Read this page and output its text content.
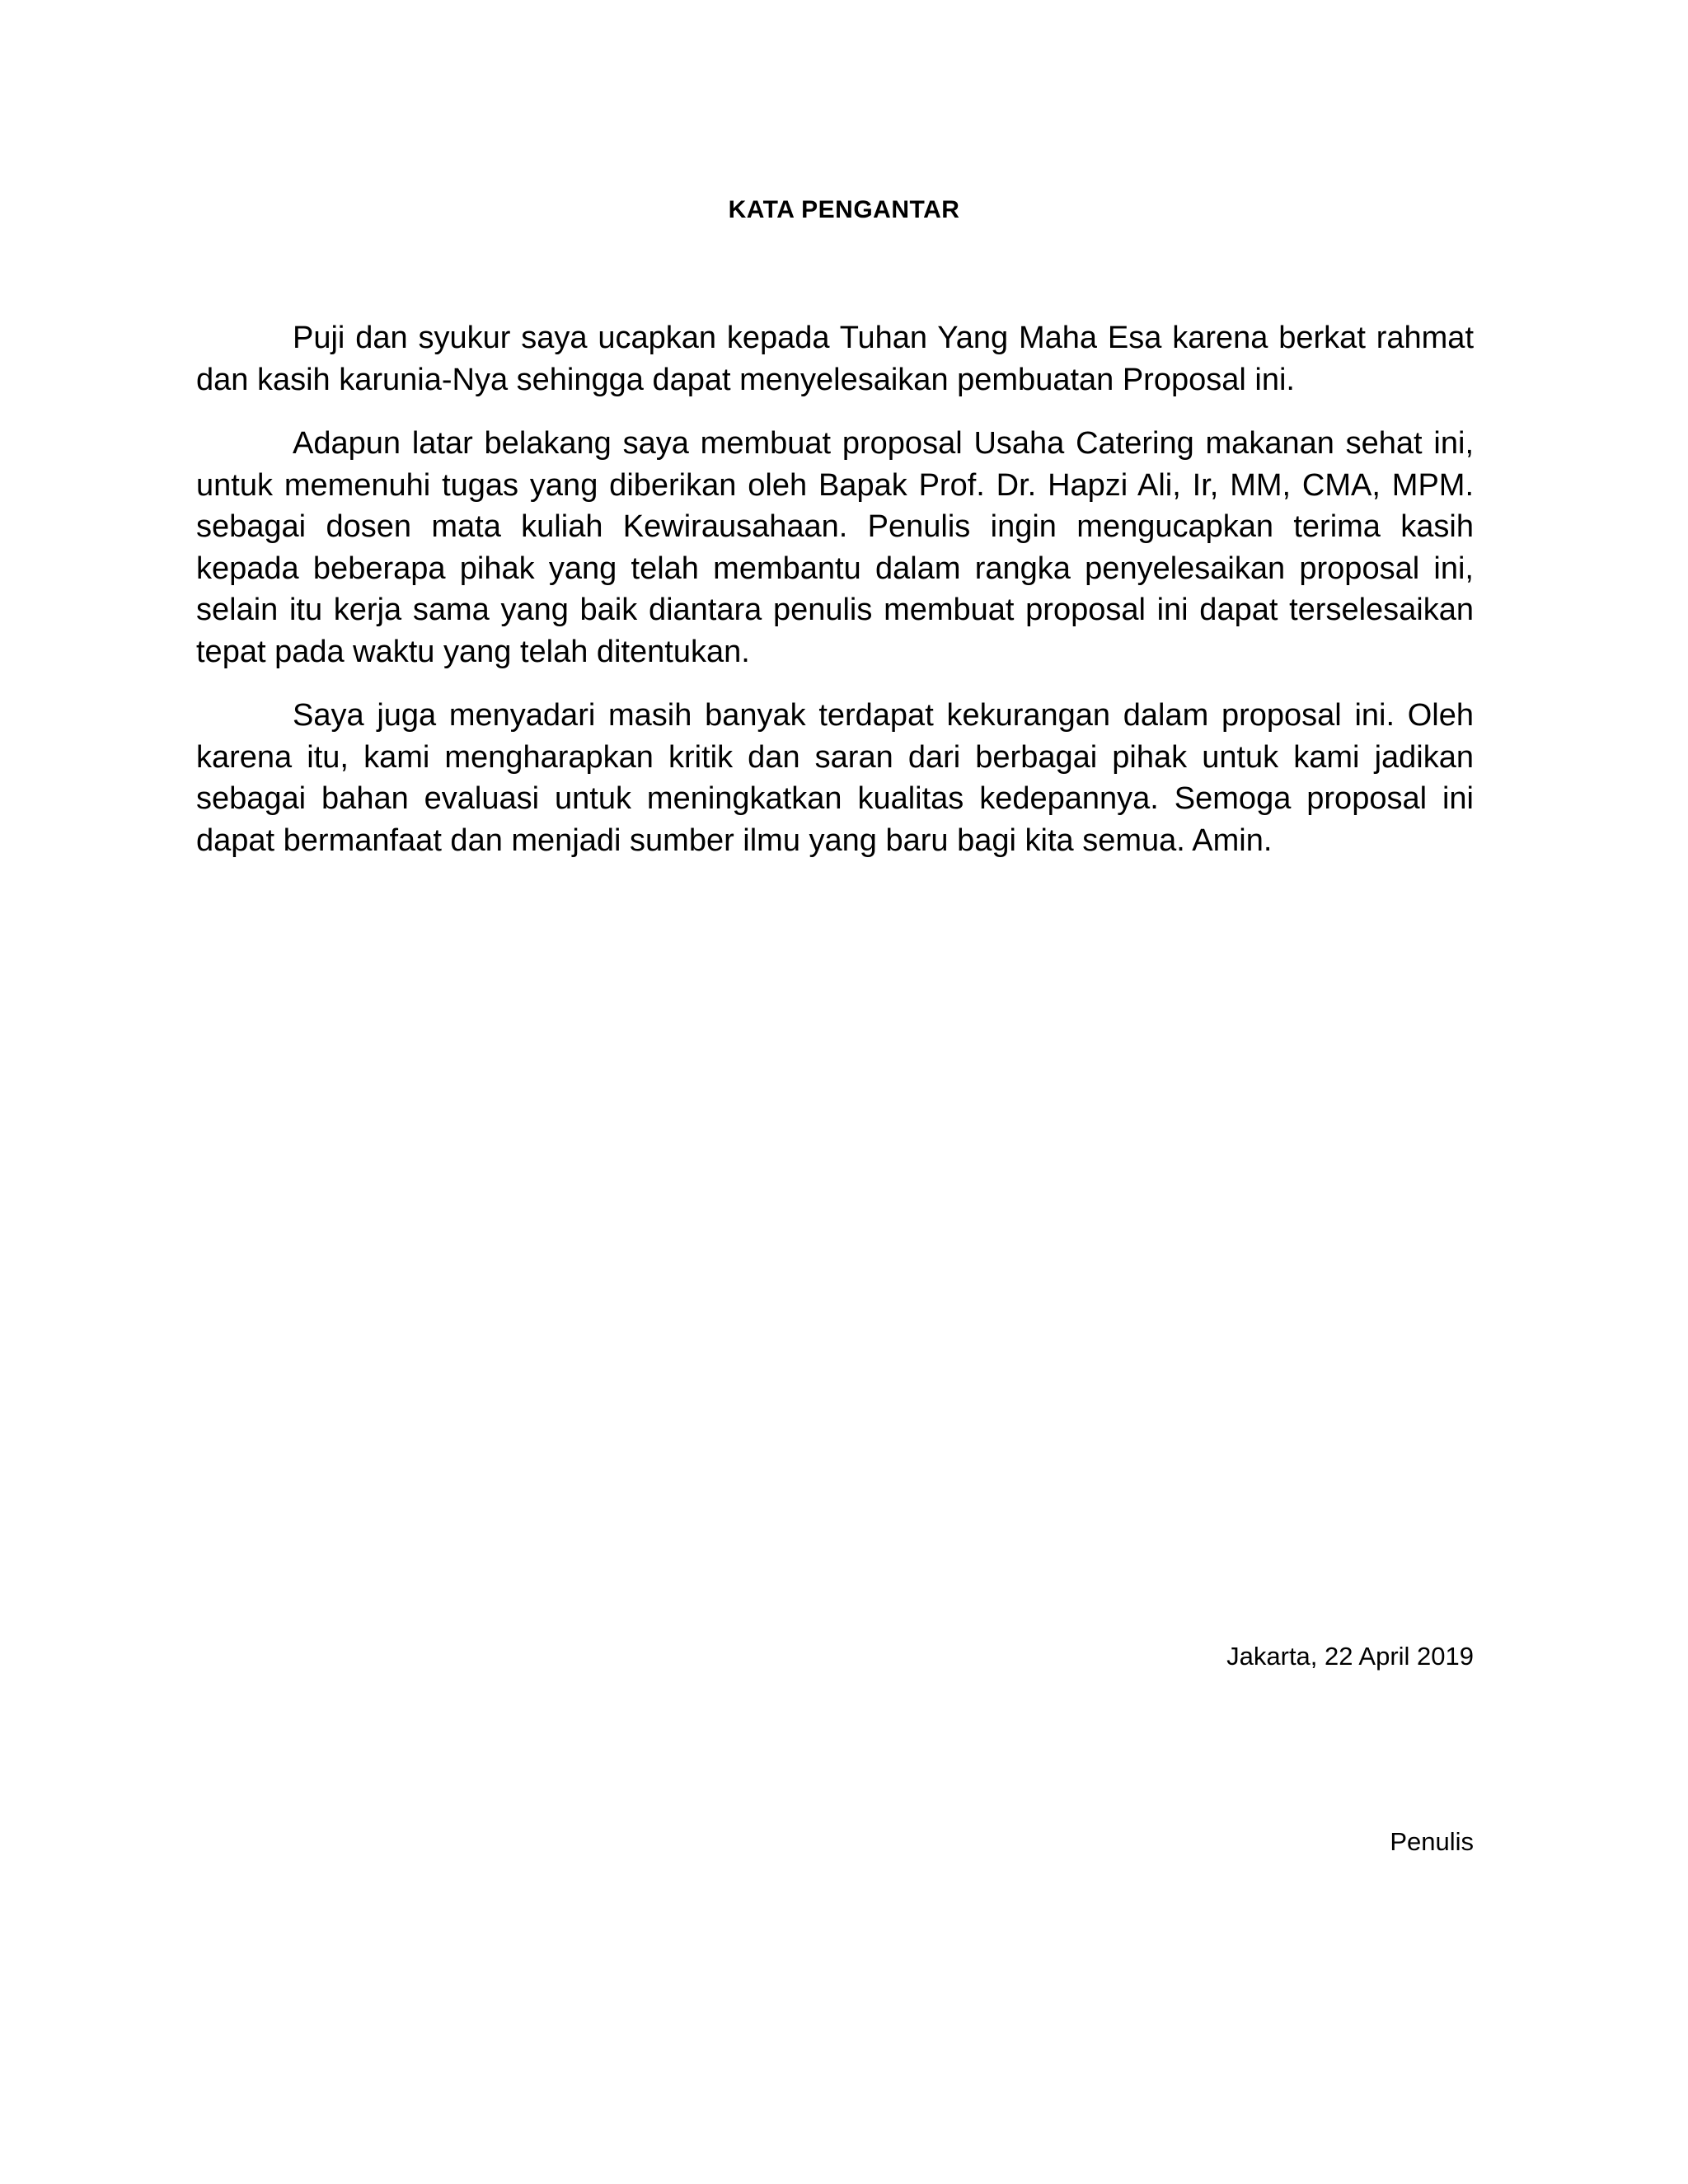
KATA PENGANTAR

Puji dan syukur saya ucapkan kepada Tuhan Yang Maha Esa karena berkat rahmat dan kasih karunia-Nya sehingga dapat menyelesaikan pembuatan Proposal ini.

Adapun latar belakang saya membuat proposal Usaha Catering makanan sehat ini, untuk memenuhi tugas yang diberikan oleh Bapak Prof. Dr. Hapzi Ali, Ir, MM, CMA, MPM. sebagai dosen mata kuliah Kewirausahaan. Penulis ingin mengucapkan terima kasih kepada beberapa pihak yang telah membantu dalam rangka penyelesaikan proposal ini, selain itu kerja sama yang baik diantara penulis membuat proposal ini dapat terselesaikan tepat pada waktu yang telah ditentukan.

Saya juga menyadari masih banyak terdapat kekurangan dalam proposal ini. Oleh karena itu, kami mengharapkan kritik dan saran dari berbagai pihak untuk kami jadikan sebagai bahan evaluasi untuk meningkatkan kualitas kedepannya. Semoga proposal ini dapat bermanfaat dan menjadi sumber ilmu yang baru bagi kita semua. Amin.

Jakarta, 22 April 2019
Penulis
